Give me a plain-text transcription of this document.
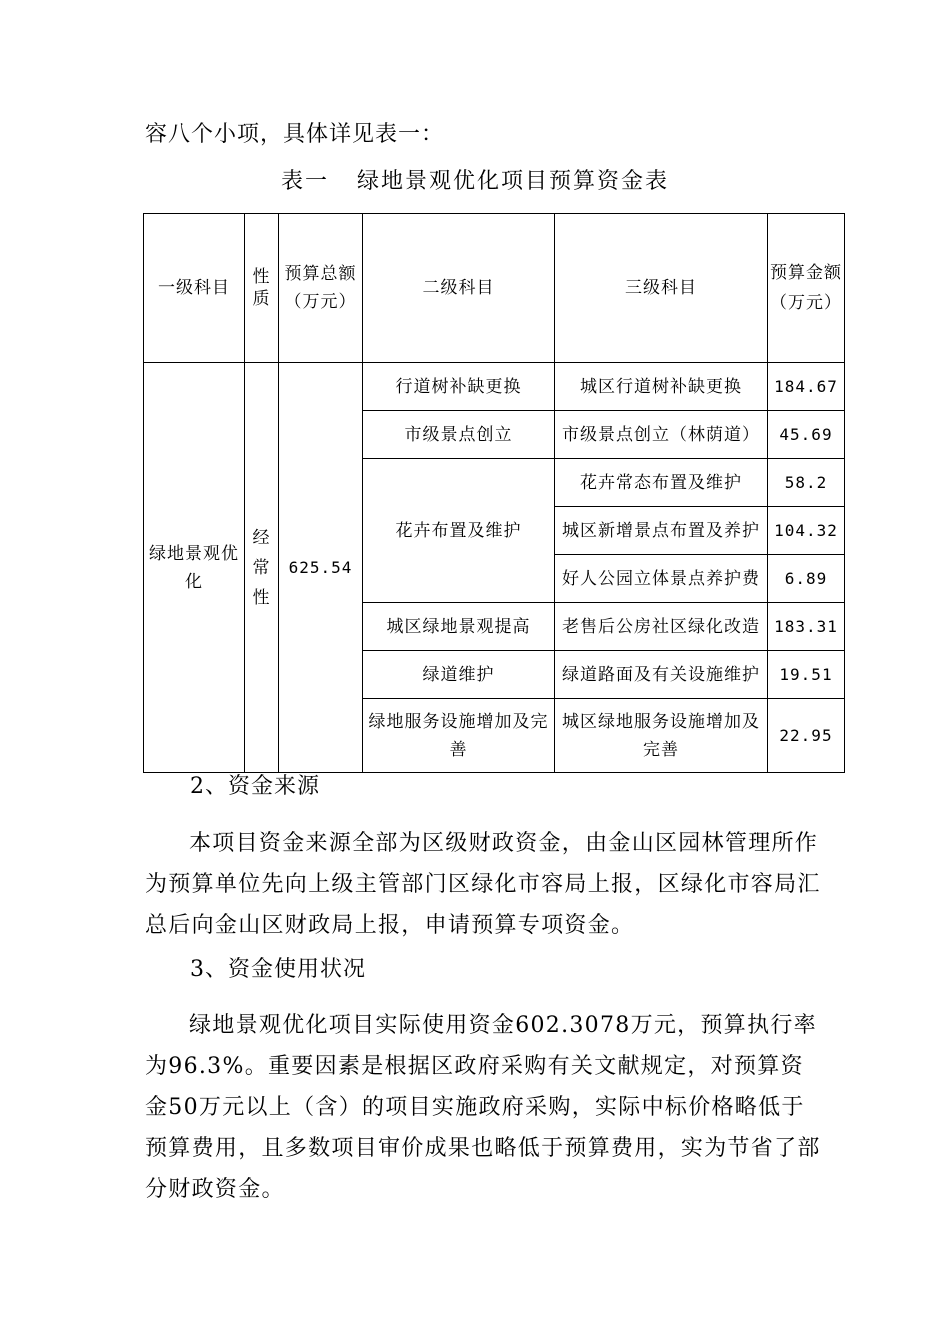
容八个小项，具体详见表一：
表一 绿地景观优化项目预算资金表
一级科目	性质	预算总额（万元）	二级科目	三级科目	预算金额（万元）
绿地景观优化	经常性	625.54	行道树补缺更换	城区行道树补缺更换	184.67
			市级景点创立	市级景点创立（林荫道）	45.69
			花卉布置及维护	花卉常态布置及维护	58.2
				城区新增景点布置及养护	104.32
				好人公园立体景点养护费	6.89
			城区绿地景观提高	老售后公房社区绿化改造	183.31
			绿道维护	绿道路面及有关设施维护	19.51
			绿地服务设施增加及完善	城区绿地服务设施增加及完善	22.95
2、资金来源
本项目资金来源全部为区级财政资金，由金山区园林管理所作为预算单位先向上级主管部门区绿化市容局上报，区绿化市容局汇总后向金山区财政局上报，申请预算专项资金。
3、资金使用状况
绿地景观优化项目实际使用资金602.3078万元，预算执行率为96.3%。重要因素是根据区政府采购有关文献规定，对预算资金50万元以上（含）的项目实施政府采购，实际中标价格略低于预算费用，且多数项目审价成果也略低于预算费用，实为节省了部分财政资金。
